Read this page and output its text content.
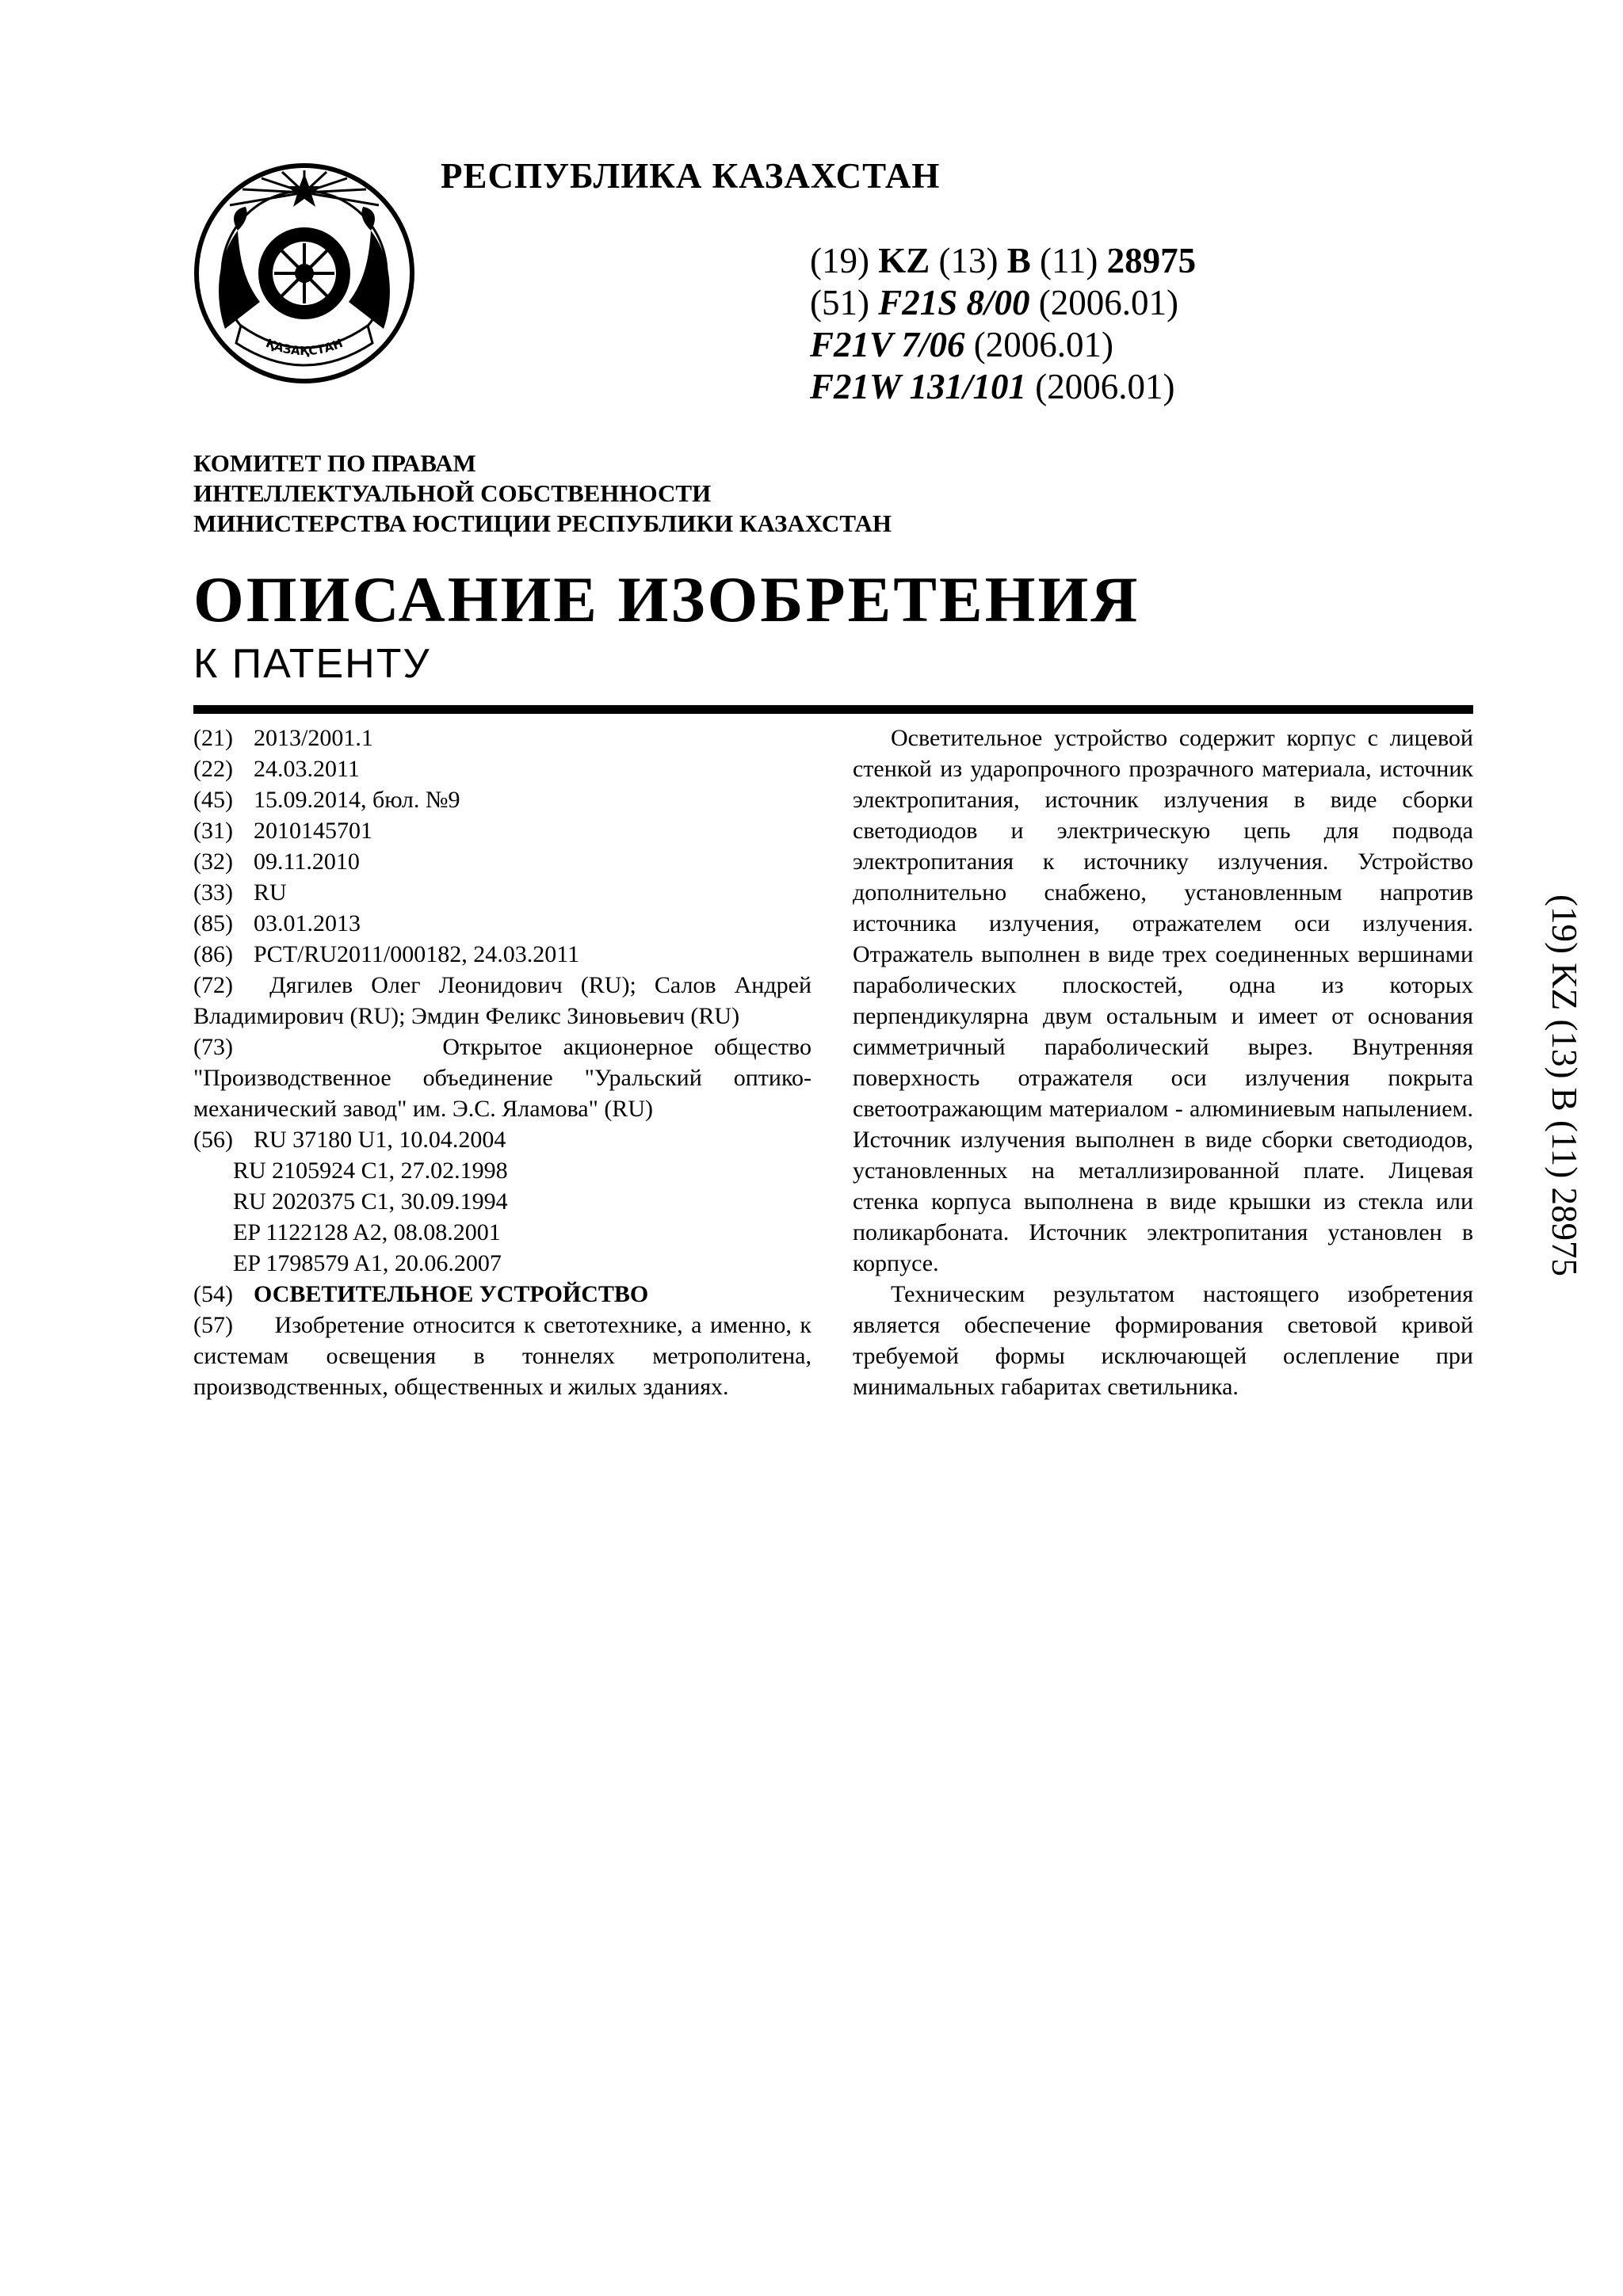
ҚАЗАҚСТАН
РЕСПУБЛИКА КАЗАХСТАН
(19) KZ (13) B (11) 28975
(51) F21S 8/00 (2006.01)
F21V 7/06 (2006.01)
F21W 131/101 (2006.01)
КОМИТЕТ ПО ПРАВАМ
ИНТЕЛЛЕКТУАЛЬНОЙ СОБСТВЕННОСТИ
МИНИСТЕРСТВА ЮСТИЦИИ РЕСПУБЛИКИ КАЗАХСТАН
ОПИСАНИЕ ИЗОБРЕТЕНИЯ
К ПАТЕНТУ
(21) 2013/2001.1
(22) 24.03.2011
(45) 15.09.2014, бюл. №9
(31) 2010145701
(32) 09.11.2010
(33) RU
(85) 03.01.2013
(86) PCT/RU2011/000182, 24.03.2011
(72) Дягилев Олег Леонидович (RU); Салов Андрей Владимирович (RU); Эмдин Феликс Зиновьевич (RU)
(73)	Открытое акционерное общество "Производственное объединение "Уральский оптико-механический завод" им. Э.С. Яламова" (RU)
(56) RU 37180 U1, 10.04.2004
RU 2105924 C1, 27.02.1998
RU 2020375 C1, 30.09.1994
EP 1122128 A2, 08.08.2001
EP 1798579 A1, 20.06.2007
(54) ОСВЕТИТЕЛЬНОЕ УСТРОЙСТВО
(57) Изобретение относится к светотехнике, а именно, к системам освещения в тоннелях метрополитена, производственных, общественных и жилых зданиях.

Осветительное устройство содержит корпус с лицевой стенкой из ударопрочного прозрачного материала, источник электропитания, источник излучения в виде сборки светодиодов и электрическую цепь для подвода электропитания к источнику излучения. Устройство дополнительно снабжено, установленным напротив источника излучения, отражателем оси излучения. Отражатель выполнен в виде трех соединенных вершинами параболических плоскостей, одна из которых перпендикулярна двум остальным и имеет от основания симметричный параболический вырез. Внутренняя поверхность отражателя оси излучения покрыта светоотражающим материалом - алюминиевым напылением. Источник излучения выполнен в виде сборки светодиодов, установленных на металлизированной плате. Лицевая стенка корпуса выполнена в виде крышки из стекла или поликарбоната. Источник электропитания установлен в корпусе.

Техническим результатом настоящего изобретения является обеспечение формирования световой кривой требуемой формы исключающей ослепление при минимальных габаритах светильника.

(19) KZ (13) B (11) 28975
